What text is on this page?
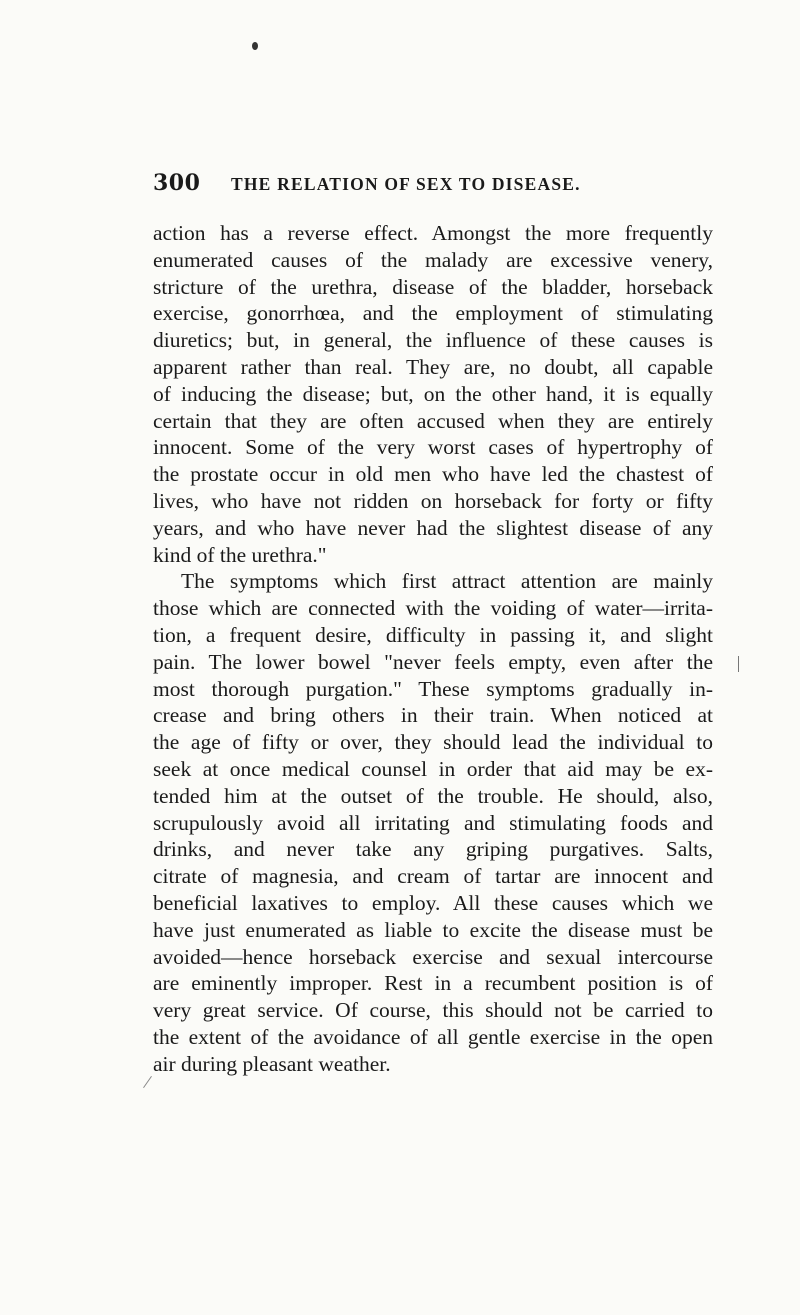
300 THE RELATION OF SEX TO DISEASE.
action has a reverse effect. Amongst the more frequently
enumerated causes of the malady are excessive venery,
stricture of the urethra, disease of the bladder, horseback
exercise, gonorrhœa, and the employment of stimulating
diuretics; but, in general, the influence of these causes is
apparent rather than real. They are, no doubt, all capable
of inducing the disease; but, on the other hand, it is equally
certain that they are often accused when they are entirely
innocent. Some of the very worst cases of hypertrophy of
the prostate occur in old men who have led the chastest of
lives, who have not ridden on horseback for forty or fifty
years, and who have never had the slightest disease of any
kind of the urethra."
The symptoms which first attract attention are mainly
those which are connected with the voiding of water—irrita-
tion, a frequent desire, difficulty in passing it, and slight
pain. The lower bowel "never feels empty, even after the
most thorough purgation." These symptoms gradually in-
crease and bring others in their train. When noticed at
the age of fifty or over, they should lead the individual to
seek at once medical counsel in order that aid may be ex-
tended him at the outset of the trouble. He should, also,
scrupulously avoid all irritating and stimulating foods and
drinks, and never take any griping purgatives. Salts,
citrate of magnesia, and cream of tartar are innocent and
beneficial laxatives to employ. All these causes which we
have just enumerated as liable to excite the disease must be
avoided—hence horseback exercise and sexual intercourse
are eminently improper. Rest in a recumbent position is of
very great service. Of course, this should not be carried to
the extent of the avoidance of all gentle exercise in the open
air during pleasant weather.
